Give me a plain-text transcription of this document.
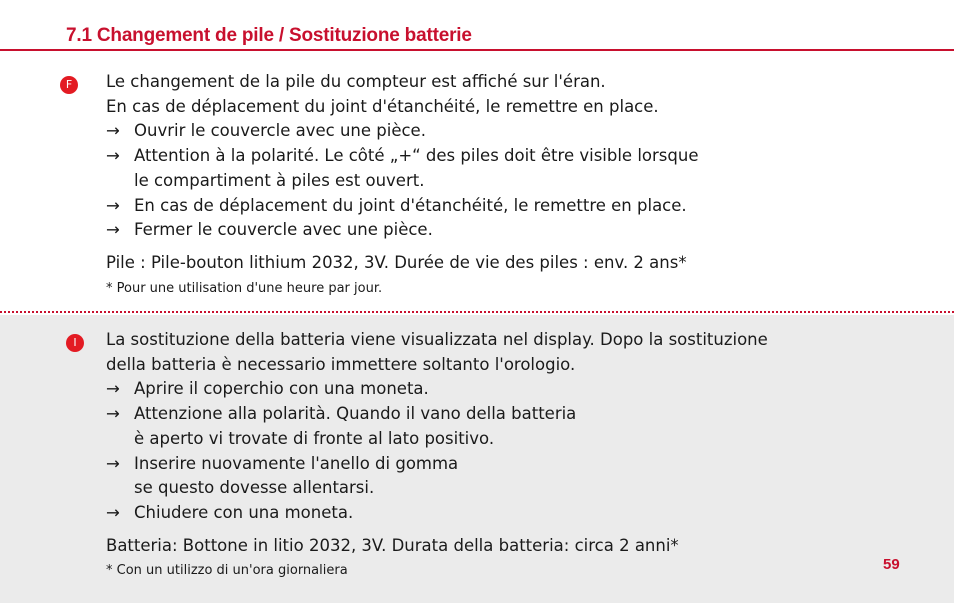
7.1 Changement de pile / Sostituzione batterie
F	Le changement de la pile du compteur est affiché sur l'éran.
En cas de déplacement du joint d'étanchéité, le remettre en place.
→ Ouvrir le couvercle avec une pièce.
→ Attention à la polarité. Le côté „+“ des piles doit être visible lorsque
le compartiment à piles est ouvert.
→ En cas de déplacement du joint d'étanchéité, le remettre en place.
→ Fermer le couvercle avec une pièce.
Pile : Pile-bouton lithium 2032, 3V. Durée de vie des piles : env. 2 ans*
* Pour une utilisation d'une heure par jour.
I	La sostituzione della batteria viene visualizzata nel display. Dopo la sostituzione
della batteria è necessario immettere soltanto l'orologio.
→ Aprire il coperchio con una moneta.
→ Attenzione alla polarità. Quando il vano della batteria
è aperto vi trovate di fronte al lato positivo.
→ Inserire nuovamente l'anello di gomma
se questo dovesse allentarsi.
→ Chiudere con una moneta.
Batteria: Bottone in litio 2032, 3V. Durata della batteria: circa 2 anni*
* Con un utilizzo di un'ora giornaliera	59
